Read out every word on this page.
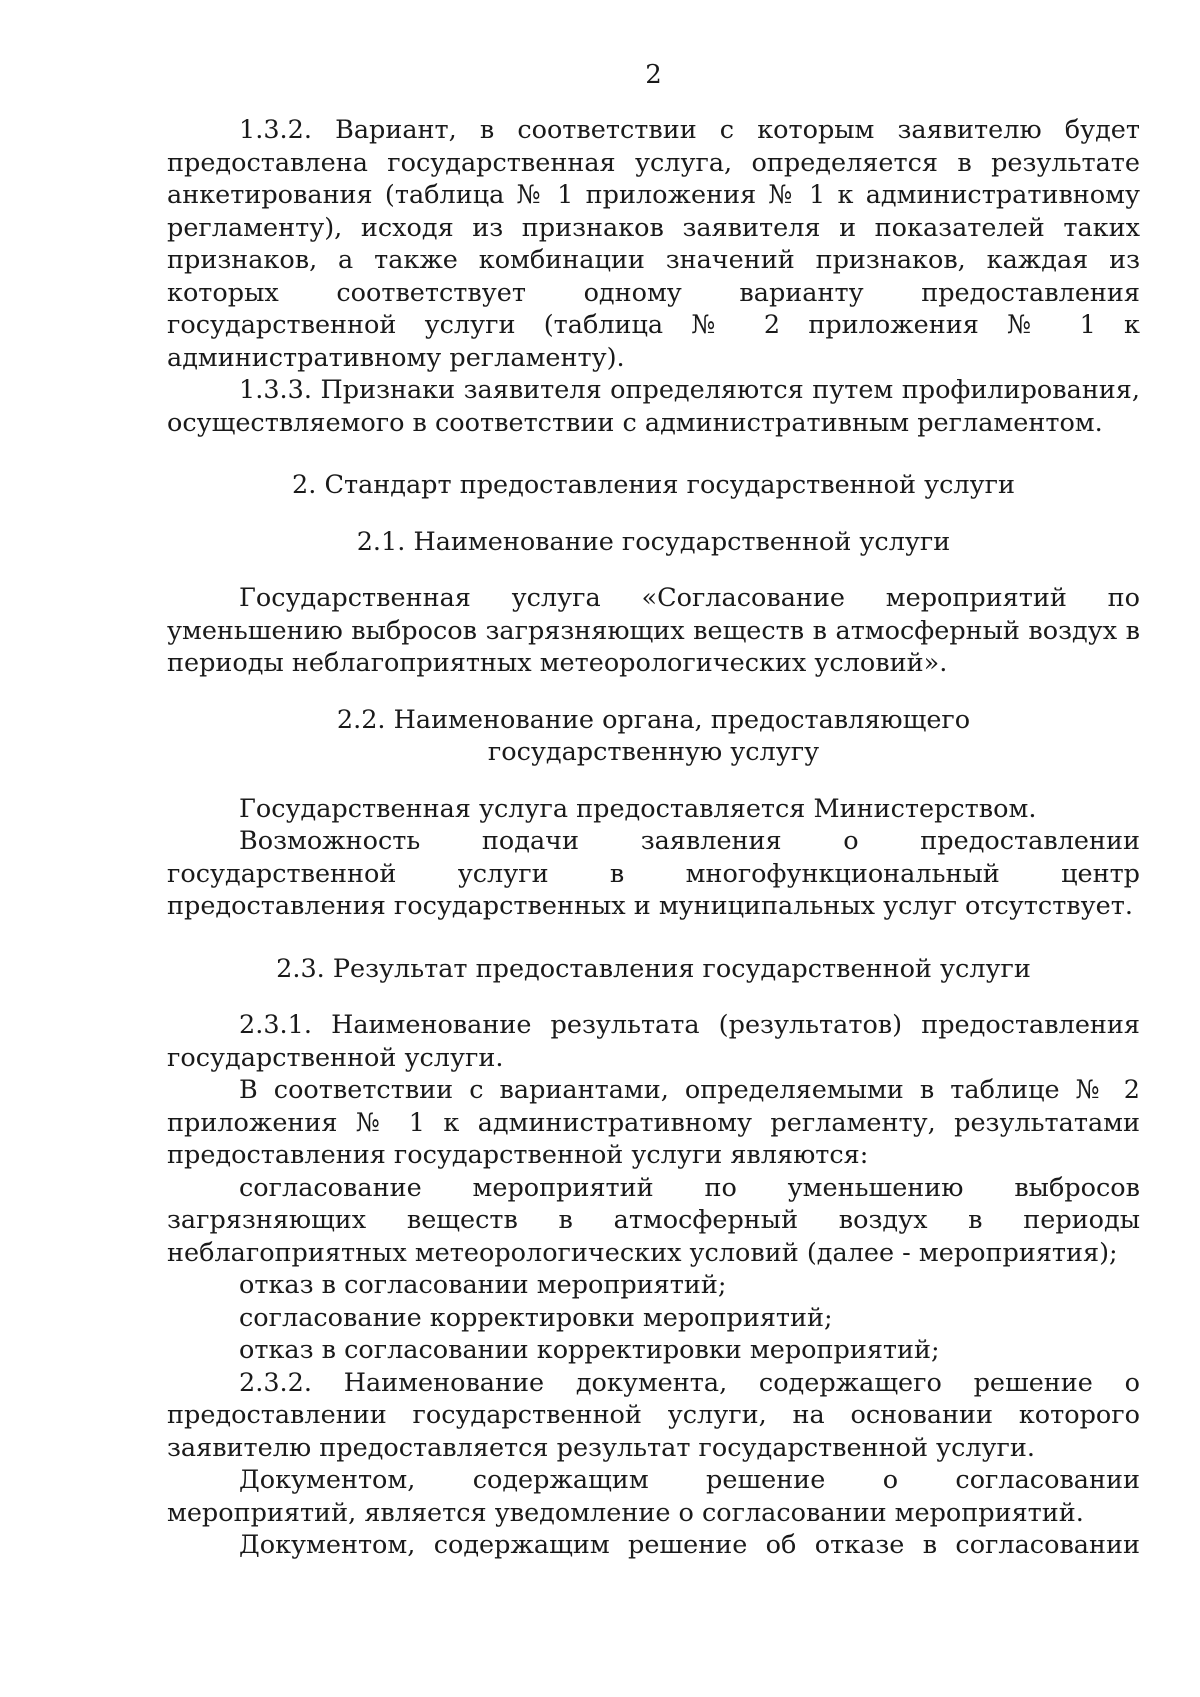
2

1.3.2. Вариант, в соответствии с которым заявителю будет предоставлена государственная услуга, определяется в результате анкетирования (таблица № 1 приложения № 1 к административному регламенту), исходя из признаков заявителя и показателей таких признаков, а также комбинации значений признаков, каждая из которых соответствует одному варианту предоставления государственной услуги (таблица № 2 приложения № 1 к административному регламенту).

1.3.3. Признаки заявителя определяются путем профилирования, осуществляемого в соответствии с административным регламентом.

2. Стандарт предоставления государственной услуги

2.1. Наименование государственной услуги

Государственная услуга «Согласование мероприятий по уменьшению выбросов загрязняющих веществ в атмосферный воздух в периоды неблагоприятных метеорологических условий».

2.2. Наименование органа, предоставляющего

государственную услугу

Государственная услуга предоставляется Министерством.

Возможность подачи заявления о предоставлении государственной услуги в многофункциональный центр предоставления государственных и муниципальных услуг отсутствует.

2.3. Результат предоставления государственной услуги

2.3.1. Наименование результата (результатов) предоставления государственной услуги.

В соответствии с вариантами, определяемыми в таблице № 2 приложения № 1 к административному регламенту, результатами предоставления государственной услуги являются:

согласование мероприятий по уменьшению выбросов загрязняющих веществ в атмосферный воздух в периоды неблагоприятных метеорологических условий (далее - мероприятия);

отказ в согласовании мероприятий;

согласование корректировки мероприятий;

отказ в согласовании корректировки мероприятий;

2.3.2. Наименование документа, содержащего решение о предоставлении государственной услуги, на основании которого заявителю предоставляется результат государственной услуги.

Документом, содержащим решение о согласовании мероприятий, является уведомление о согласовании мероприятий.

Документом, содержащим решение об отказе в согласовании
